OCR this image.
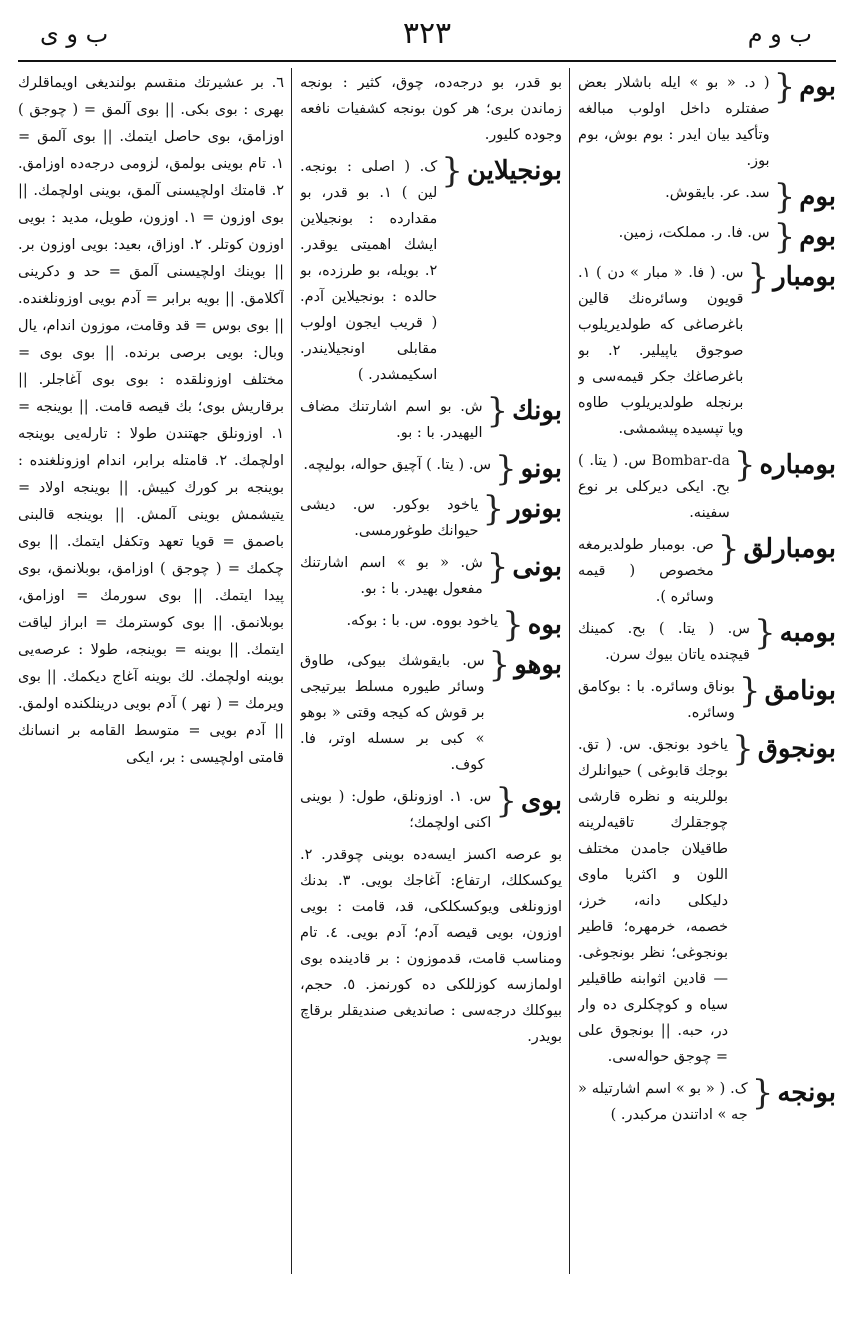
ب و م
٣٢٣
ب و ى
بوم
{
( د. « بو » ایله باشلار بعض صفتلره داخل اولوب مبالغه وتأکید بیان ایدر : بوم بوش، بوم بوز.
بوم
{
سد. عر. بایقوش.
بوم
{
س. فا. ر. مملکت، زمین.
بومبار
{
س. ( فا. « مبار » دن ) ١. قویون وسائره‌نك قالین باغرصاغی که طولدیریلوب صوجوق یاپیلیر. ٢. بو باغرصاغك جکر قیمه‌سی و برنجله طولدیریلوب طاوه ویا تپسیده پیشمشی.
بومباره
{
Bombar-da س. ( یتا. ) بح. ایکی دیرکلی بر نوع سفینه.
بومبارلق
{
ص. بومبار طولدیرمغه مخصوص ( قیمه وسائره ).
بومبه
{
س. ( یتا. ) بح. کمینك قیچنده یاتان بیوك سرن.
بونامق
{
بوناق وسائره. با : بوکامق وسائره.
بونجوق
{
یاخود بونجق. س. ( تق. بوجك قابوغی ) حیوانلرك بوللرینه و نظره قارشی چوجقلرك تاقیه‌لرینه طاقیلان جامدن مختلف اللون و اکثریا ماوی دلیکلی دانه، خرز، خصمه، خرمهره؛ قاطیر بونجوغی؛ نظر بونجوغی. — قادین اثوابنه طاقیلیر سیاه و کوچکلری ده وار در، حبه. || بونجوق علی = چوجق حواله‌سی.
بونجه
{
ک. ( « بو » اسم اشارتیله « جه » اداتندن مرکبدر. )
بو قدر، بو درجه‌ده، چوق، کثیر : بونجه زماندن بری؛ هر کون بونجه کشفیات نافعه وجوده کلیور.
بونجیلاین
{
ک. ( اصلی : بونجه. لین ) ١. بو قدر، بو مقدارده : بونجیلاین ایشك اهمیتی یوقدر. ٢. بویله، بو طرزده، بو حالده : بونجیلاین آدم. ( قریب ایجون اولوب مقابلی اونجیلایندر. اسکیمشدر. )
بونك
{
ش. بو اسم اشارتنك مضاف الیهیدر. با : بو.
بونو
{
س. ( یتا. ) آچیق حواله، بولیچه.
بونور
{
یاخود بوکور. س. دیشی حیوانك طوغورمسی.
بونی
{
ش. « بو » اسم اشارتنك مفعول بهیدر. با : بو.
بوه
{
یاخود بووه. س. با : بوکه.
بوهو
{
س. بایقوشك بیوکی، طاوق وسائر طیوره مسلط بیرتیجی بر قوش که کیجه وقتی « بوهو » کبی بر سسله اوتر، فا. کوف.
بوى
{
س. ١. اوزونلق، طول: ( بوینی اکنی اولچمك؛
بو عرصه اکسز ایسه‌ده بوینی چوقدر. ٢. یوکسکلك، ارتفاع: آغاجك بویی. ٣. بدنك اوزونلغی ویوکسکلکی، قد، قامت : بویی اوزون، بویی قیصه آدم؛ آدم بویی. ٤. تام ومناسب قامت، قدموزون : بر قادینده بوی اولمازسه کوزللکی ده کورنمز. ٥. حجم، بیوکلك درجه‌سی : صاندیغی صندیقلر برقاچ بویدر.

٦. بر عشیرتك منقسم بولندیغی اویماقلرك بهری : بوی بکی. || بوی آلمق = ( چوجق ) اوزامق، بوی حاصل ایتمك. || بوی آلمق = ١. تام بوینی بولمق، لزومی درجه‌ده اوزامق. ٢. قامتك اولچیسنی آلمق، بوینی اولچمك. || بوی اوزون = ١. اوزون، طویل، مدید : بویی اوزون کوتلر. ٢. اوزاق، بعید: بویی اوزون بر. || بوینك اولچیسنی آلمق = حد و دکرینی آکلامق. || بویه برابر = آدم بویی اوزونلغنده. || بوی بوس = قد وقامت، موزون اندام، یال وبال: بویی برصی برنده. || بوی بوی = مختلف اوزونلقده : بوی بوی آغاجلر. || برقاریش بوی؛ بك قیصه قامت. || بوینجه = ١. اوزونلق جهتندن طولا : تارله‌یی بوینجه اولچمك. ٢. قامتله برابر، اندام اوزونلغنده : بوینجه بر کورك کییش. || بوینجه اولاد = یتیشمش بوینی آلمش. || بوینجه قالبنی باصمق = قویا تعهد وتکفل ایتمك. || بوی چکمك = ( چوجق ) اوزامق، بوبلانمق، بوی پیدا ایتمك. || بوی سورمك = اوزامق، بوبلانمق. || بوی کوسترمك = ابراز لیاقت ایتمك. || بوینه = بوینجه، طولا : عرصه‌یی بوینه اولچمك. لك بوینه آغاج دیکمك. || بوی ویرمك = ( نهر ) آدم بویی درینلکنده اولمق. || آدم بویی = متوسط القامه بر انسانك قامتی اولچیسی : بر، ایکی
